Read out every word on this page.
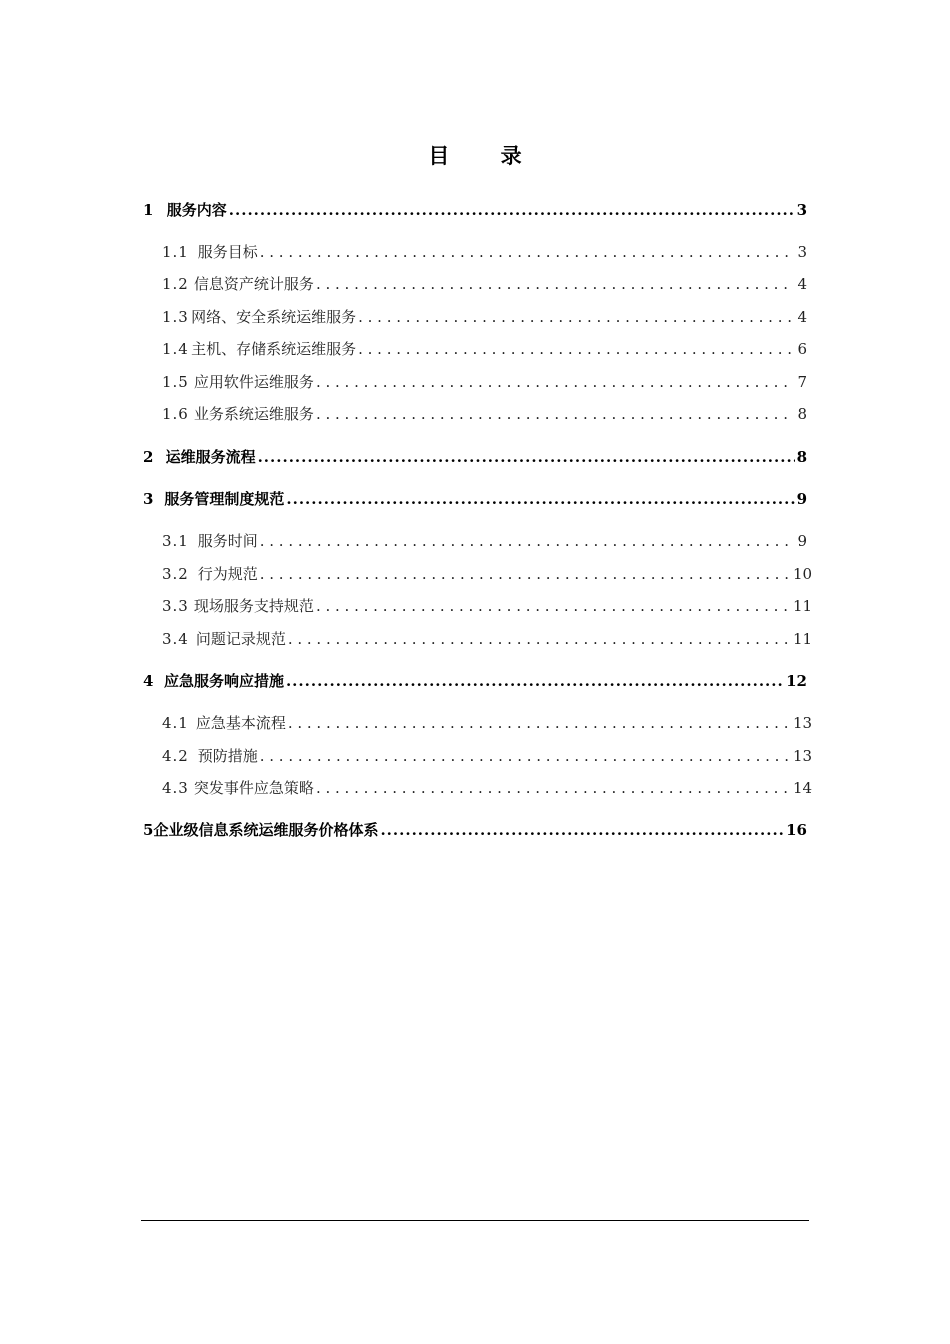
目 录
1 服务内容 .....	3
1.1 服务目标 . . .	3
1.2 信息资产统计服务 . . .	4
1.3 网络、安全系统运维服务 . . .	4
1.4 主机、存储系统运维服务 . . .	6
1.5 应用软件运维服务 . . .	7
1.6 业务系统运维服务 . . .	8
2 运维服务流程 .....	8
3 服务管理制度规范 .....	9
3.1 服务时间 . . .	9
3.2 行为规范 . . .	10
3.3 现场服务支持规范 . . .	11
3.4 问题记录规范 . . .	11
4 应急服务响应措施 .....	12
4.1 应急基本流程 . . .	13
4.2 预防措施 . . .	13
4.3 突发事件应急策略 . . .	14
5 企业级信息系统运维服务价格体系 .....	16
